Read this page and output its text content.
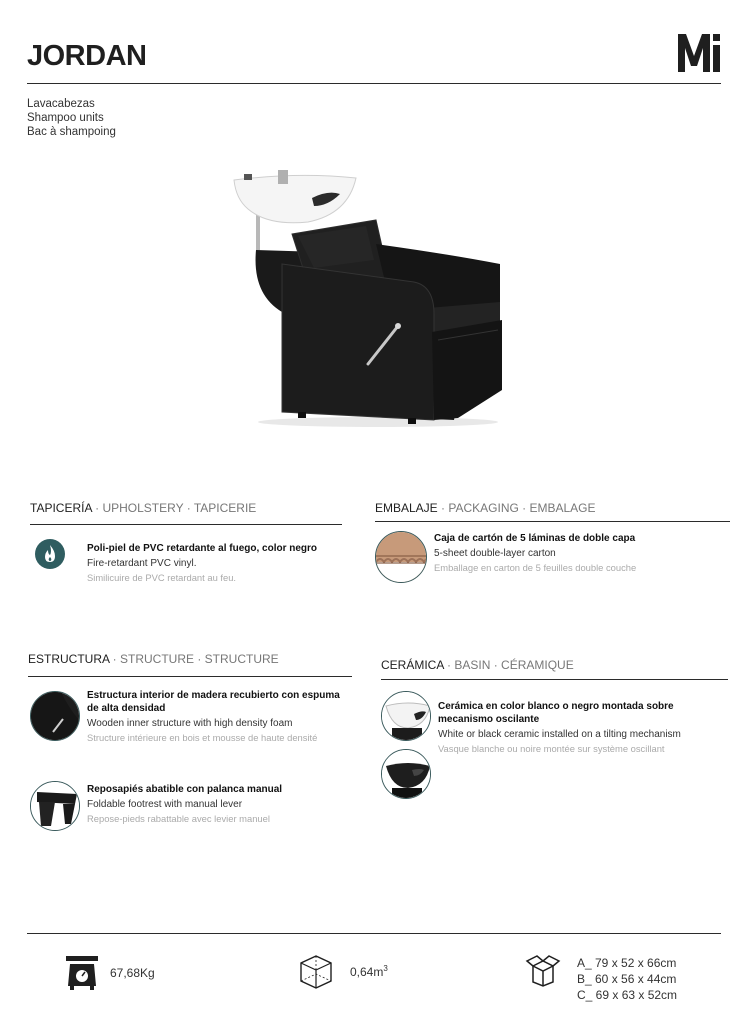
JORDAN
Lavacabezas
Shampoo units
Bac à shampoing
TAPICERÍA · UPHOLSTERY · TAPICERIE
Poli-piel de PVC retardante al fuego, color negro
Fire-retardant PVC vinyl.
Similicuire de PVC retardant au feu.
EMBALAJE · PACKAGING · EMBALAGE
Caja de cartón de 5 láminas de doble capa
5-sheet double-layer carton
Emballage en carton de 5 feuilles double couche
ESTRUCTURA · STRUCTURE · STRUCTURE
Estructura interior de madera recubierto con espuma de alta densidad
Wooden inner structure with high density foam
Structure intérieure en bois et mousse de haute densité
Reposapiés abatible con palanca manual
Foldable footrest with manual lever
Repose-pieds rabattable avec levier manuel
CERÁMICA · BASIN · CÉRAMIQUE
Cerámica en color blanco o negro montada sobre mecanismo oscilante
White or black ceramic installed on a tilting mechanism
Vasque blanche ou noire montée sur système oscillant
67,68Kg	$0,64m^3$	A_ 79 x 52 x 66cm
B_ 60 x 56 x 44cm
C_ 69 x 63 x 52cm
